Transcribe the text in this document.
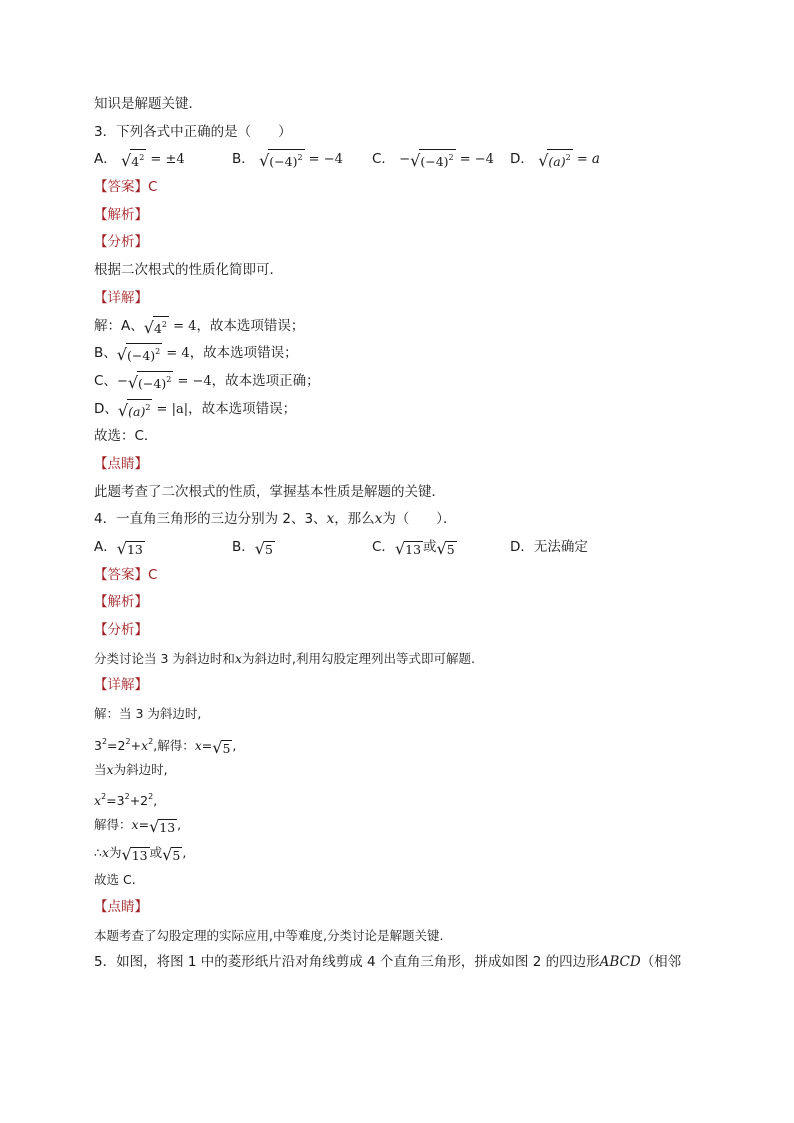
知识是解题关键．
3．下列各式中正确的是（　　）
A． √ $4^2 = \pm 4$	B． √ $(-4)^2 = -4$	C． − √ $(-4)^2 = -4$	D． √ $(a)^2 = a$
【答案】C
【解析】
【分析】
根据二次根式的性质化简即可．
【详解】
解：A、 √ $4^2 = 4$，故本选项错误；
B、 √ $(-4)^2 = 4$，故本选项错误；
C、− √ $(-4)^2 = -4$，故本选项正确；
D、 √ $(a)^2 = |a|$，故本选项错误；
故选：C．
【点睛】
此题考查了二次根式的性质，掌握基本性质是解题的关键．
4．一直角三角形的三边分别为 2、3、x，那么x为（　　）．
A． √ 13	B． √ 5	C． √ 13 或 √ 5	D．无法确定
【答案】C
【解析】
【分析】
分类讨论当 3 为斜边时和x为斜边时,利用勾股定理列出等式即可解题.
【详解】
解：当 3 为斜边时,
$3^2=2^2+x^2$,解得：x= √ 5 ,
当x为斜边时,
$x^2=3^2+2^2$,
解得：x= √ 13 ,
∴x为 √ 13 或 √ 5 ,
故选 C.
【点睛】
本题考查了勾股定理的实际应用,中等难度,分类讨论是解题关键.
5．如图，将图 1 中的菱形纸片沿对角线剪成 4 个直角三角形，拼成如图 2 的四边形ABCD（相邻
